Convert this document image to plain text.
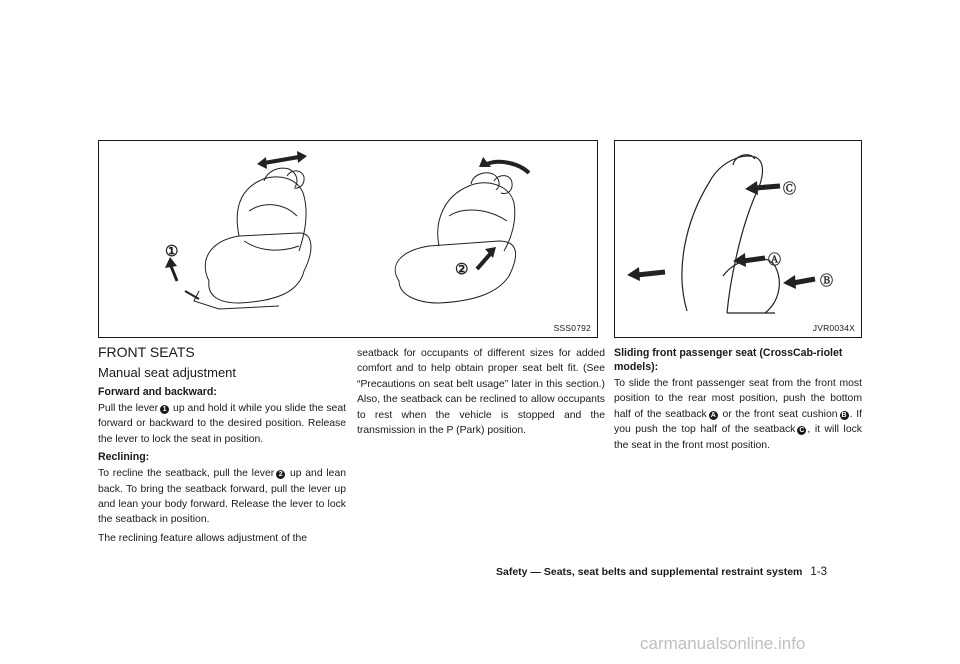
①
②
SSS0792
Ⓒ
Ⓐ
Ⓑ
JVR0034X
FRONT SEATS
Manual seat adjustment
Forward and backward:

Pull the lever 1 up and hold it while you slide the seat forward or backward to the desired position. Release the lever to lock the seat in position.

Reclining:

To recline the seatback, pull the lever 2 up and lean back. To bring the seatback forward, pull the lever up and lean your body forward. Release the lever to lock the seatback in position.

The reclining feature allows adjustment of the

seatback for occupants of different sizes for added comfort and to help obtain proper seat belt fit. (See “Precautions on seat belt usage” later in this section.) Also, the seatback can be reclined to allow occupants to rest when the vehicle is stopped and the transmission in the P (Park) position.

Sliding front passenger seat (CrossCab-riolet models):

To slide the front passenger seat from the front most position to the rear most position, push the bottom half of the seatback A or the front seat cushion B . If you push the top half of the seatback C , it will lock the seat in the front most position.

Safety — Seats, seat belts and supplemental restraint system 1-3
carmanualsonline.info
